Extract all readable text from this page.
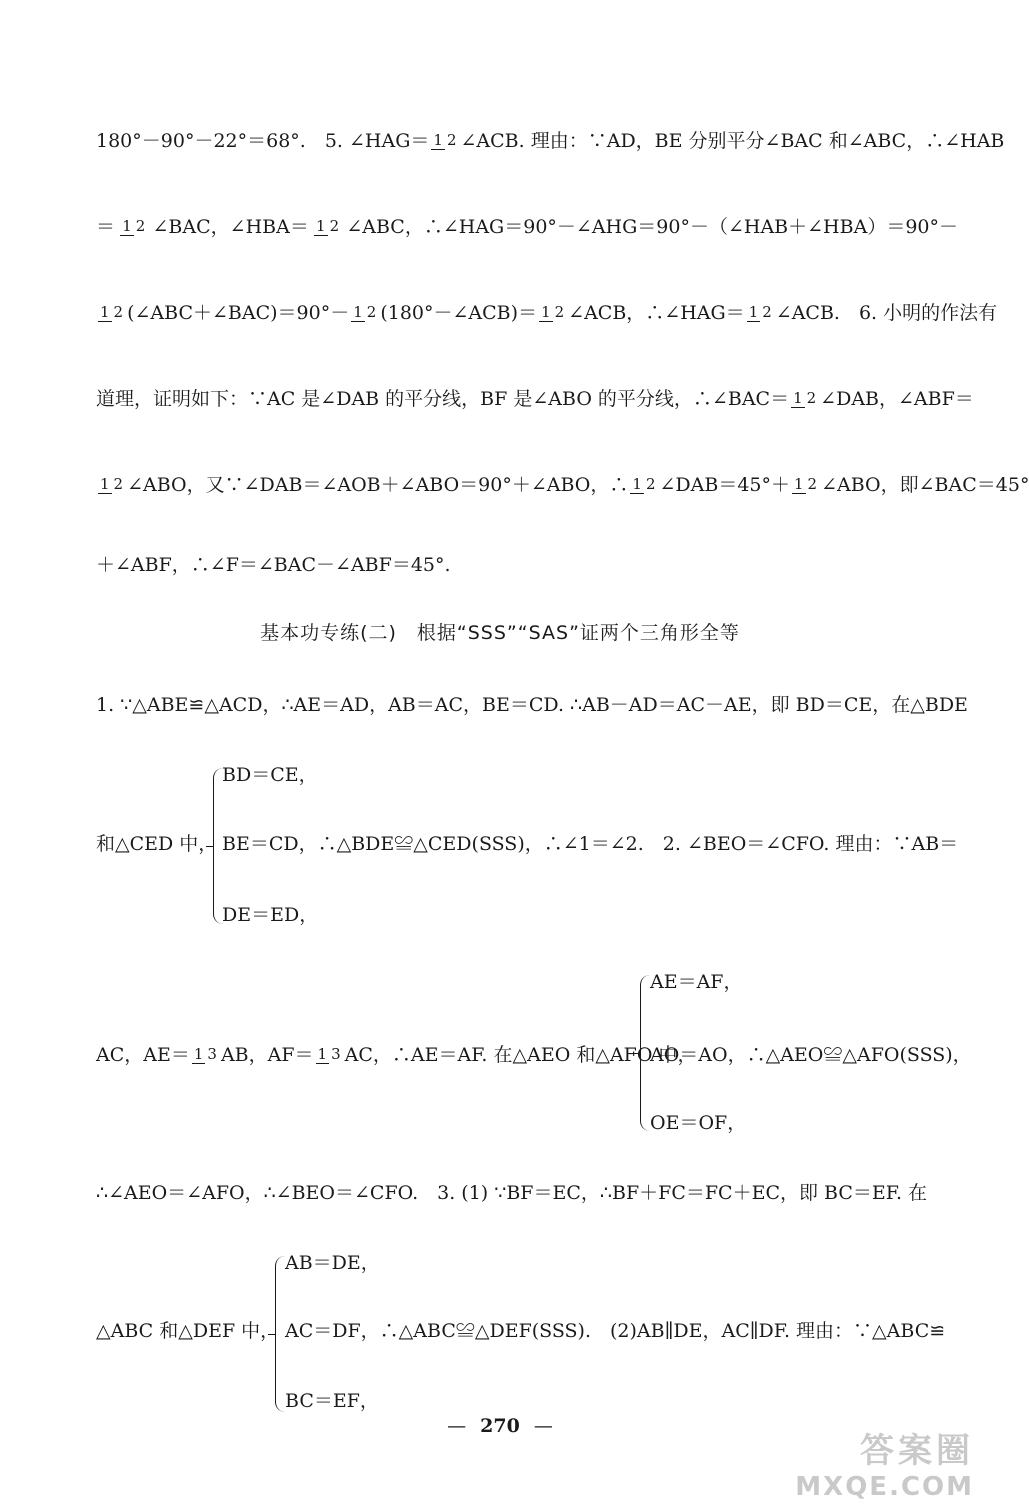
180°－90°－22°＝68°.　5. ∠HAG＝ 1 2 ∠ACB. 理由：∵AD，BE 分别平分∠BAC 和∠ABC，∴∠HAB
＝ 1 2 ∠BAC，∠HBA＝ 1 2 ∠ABC，∴∠HAG＝90°－∠AHG＝90°－（∠HAB＋∠HBA）＝90°－
1 2 (∠ABC＋∠BAC)＝90°－ 1 2 (180°－∠ACB)＝ 1 2 ∠ACB，∴∠HAG＝ 1 2 ∠ACB.　6. 小明的作法有
道理，证明如下：∵AC 是∠DAB 的平分线，BF 是∠ABO 的平分线，∴∠BAC＝ 1 2 ∠DAB，∠ABF＝
1 2 ∠ABO，又∵∠DAB＝∠AOB＋∠ABO＝90°＋∠ABO，∴ 1 2 ∠DAB＝45°＋ 1 2 ∠ABO，即∠BAC＝45°
＋∠ABF，∴∠F＝∠BAC－∠ABF＝45°.
基本功专练(二)　根据“SSS”“SAS”证两个三角形全等
1. ∵△ABE≌△ACD，∴AE＝AD，AB＝AC，BE＝CD. ∴AB－AD＝AC－AE，即 BD＝CE，在△BDE
和△CED 中，
BD＝CE，
BE＝CD，∴△BDE≌△CED(SSS)，∴∠1＝∠2.　2. ∠BEO＝∠CFO. 理由：∵AB＝
DE＝ED，
AC，AE＝ 1 3 AB，AF＝ 1 3 AC，∴AE＝AF. 在△AEO 和△AFO 中，
AE＝AF，
AO＝AO，∴△AEO≌△AFO(SSS)，
OE＝OF，
∴∠AEO＝∠AFO，∴∠BEO＝∠CFO.　3. (1) ∵BF＝EC，∴BF＋FC＝FC＋EC，即 BC＝EF. 在
△ABC 和△DEF 中，
AB＝DE，
AC＝DF，∴△ABC≌△DEF(SSS).　(2)AB∥DE，AC∥DF. 理由：∵△ABC≌
BC＝EF，
— 270 —
答案圈
MXQE.COM
